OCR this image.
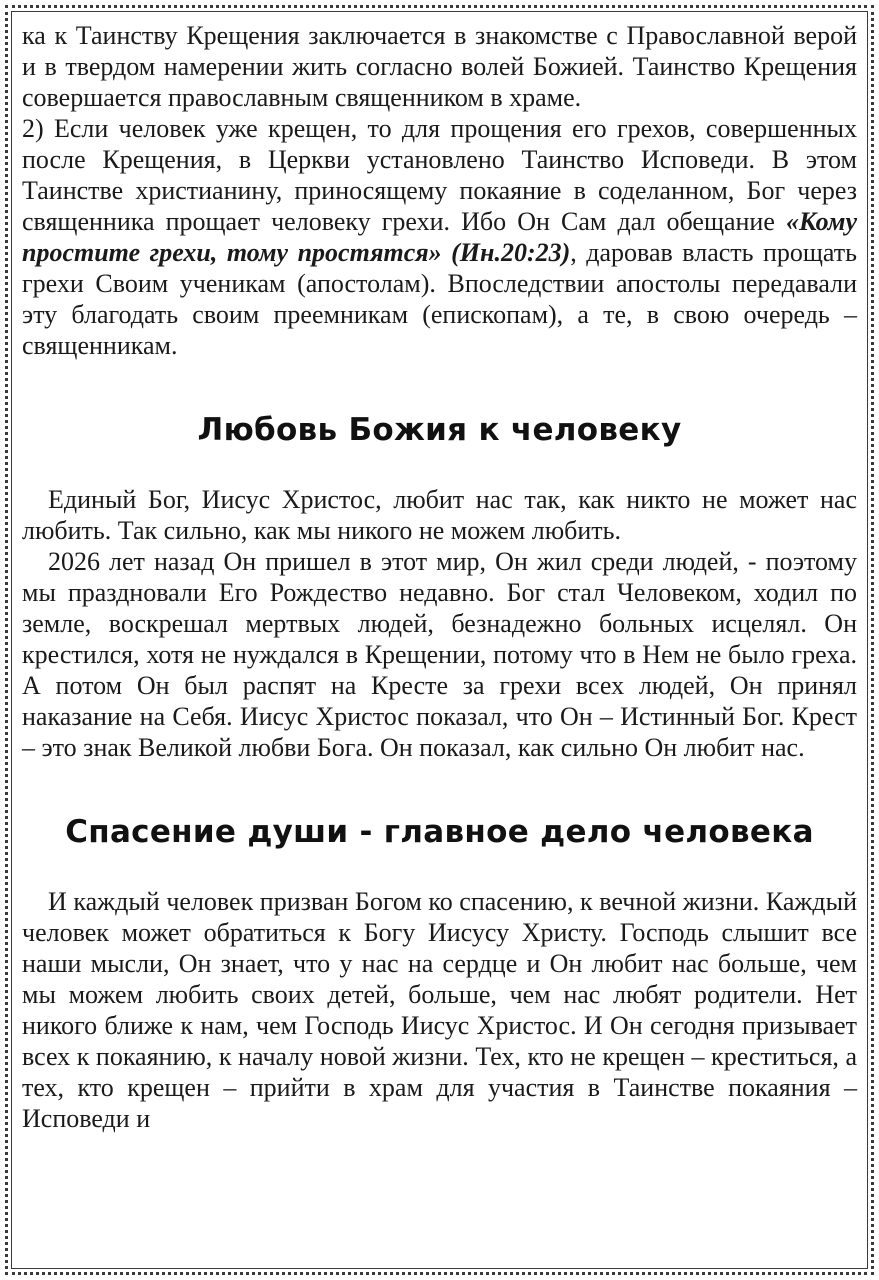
ка к Таинству Крещения заключается в знакомстве с Православной верой и в твердом намерении жить согласно волей Божией. Таинство Крещения совершается православным священником в храме.

2) Если человек уже крещен, то для прощения его грехов, совершенных после Крещения, в Церкви установлено Таинство Исповеди. В этом Таинстве христианину, приносящему покаяние в соделанном, Бог через священника прощает человеку грехи. Ибо Он Сам дал обещание «Кому простите грехи, тому простятся» (Ин.20:23), даровав власть прощать грехи Своим ученикам (апостолам). Впоследствии апостолы передавали эту благодать своим преемникам (епископам), а те, в свою очередь – священникам.

Любовь Божия к человеку

Единый Бог, Иисус Христос, любит нас так, как никто не может нас любить. Так сильно, как мы никого не можем любить.

2026 лет назад Он пришел в этот мир, Он жил среди людей, - поэтому мы праздновали Его Рождество недавно. Бог стал Человеком, ходил по земле, воскрешал мертвых людей, безнадежно больных исцелял. Он крестился, хотя не нуждался в Крещении, потому что в Нем не было греха. А потом Он был распят на Кресте за грехи всех людей, Он принял наказание на Себя. Иисус Христос показал, что Он – Истинный Бог. Крест – это знак Великой любви Бога. Он показал, как сильно Он любит нас.

Спасение души - главное дело человека

И каждый человек призван Богом ко спасению, к вечной жизни. Каждый человек может обратиться к Богу Иисусу Христу. Господь слышит все наши мысли, Он знает, что у нас на сердце и Он любит нас больше, чем мы можем любить своих детей, больше, чем нас любят родители. Нет никого ближе к нам, чем Господь Иисус Христос. И Он сегодня призывает всех к покаянию, к началу новой жизни. Тех, кто не крещен – креститься, а тех, кто крещен – прийти в храм для участия в Таинстве покаяния – Исповеди и
